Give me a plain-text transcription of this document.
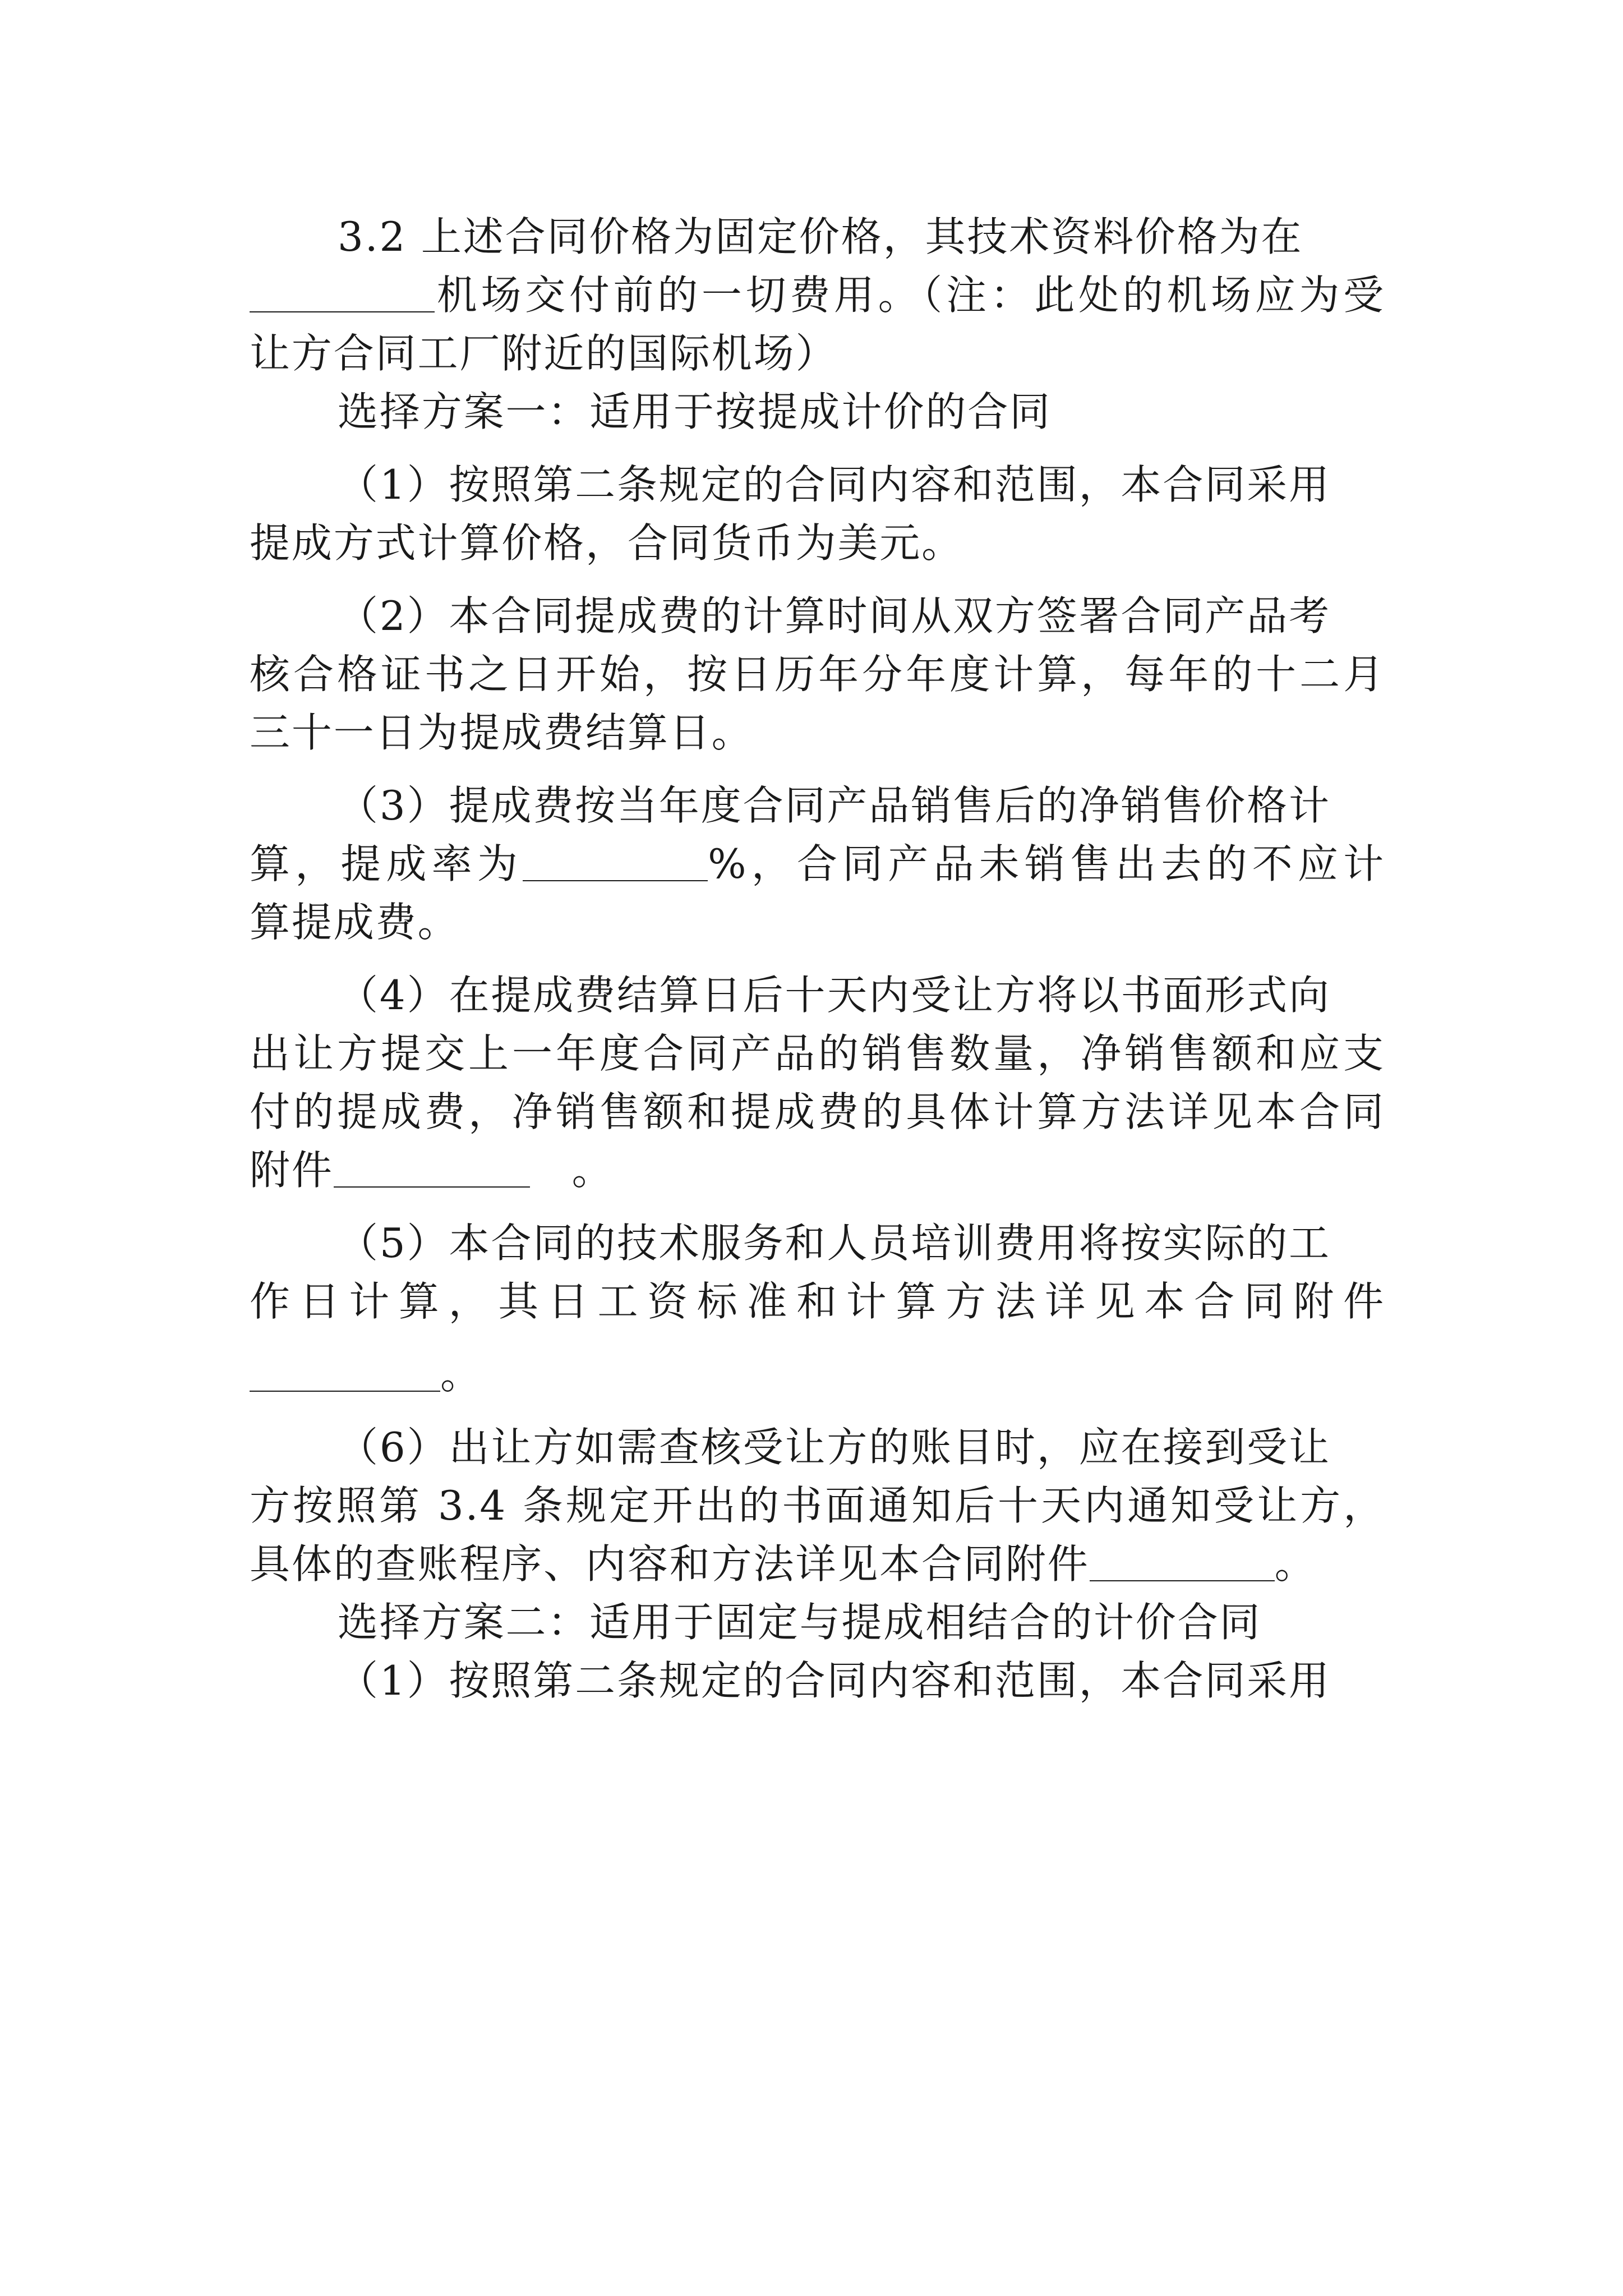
3.2 上述合同价格为固定价格，其技术资料价格为在
机场交付前的一切费用。（注：此处的机场应为受
让方合同工厂附近的国际机场）
选择方案一：适用于按提成计价的合同
（1）按照第二条规定的合同内容和范围，本合同采用
提成方式计算价格，合同货币为美元。
（2）本合同提成费的计算时间从双方签署合同产品考
核合格证书之日开始，按日历年分年度计算，每年的十二月
三十一日为提成费结算日。
（3）提成费按当年度合同产品销售后的净销售价格计
算，提成率为	%，合同产品未销售出去的不应计
算提成费。
（4）在提成费结算日后十天内受让方将以书面形式向
出让方提交上一年度合同产品的销售数量，净销售额和应支
付的提成费，净销售额和提成费的具体计算方法详见本合同
附件	　。
（5）本合同的技术服务和人员培训费用将按实际的工
作日计算，其日工资标准和计算方法详见本合同附件
。
（6）出让方如需查核受让方的账目时，应在接到受让
方按照第 3.4 条规定开出的书面通知后十天内通知受让方，
具体的查账程序、内容和方法详见本合同附件	。
选择方案二：适用于固定与提成相结合的计价合同
（1）按照第二条规定的合同内容和范围，本合同采用
